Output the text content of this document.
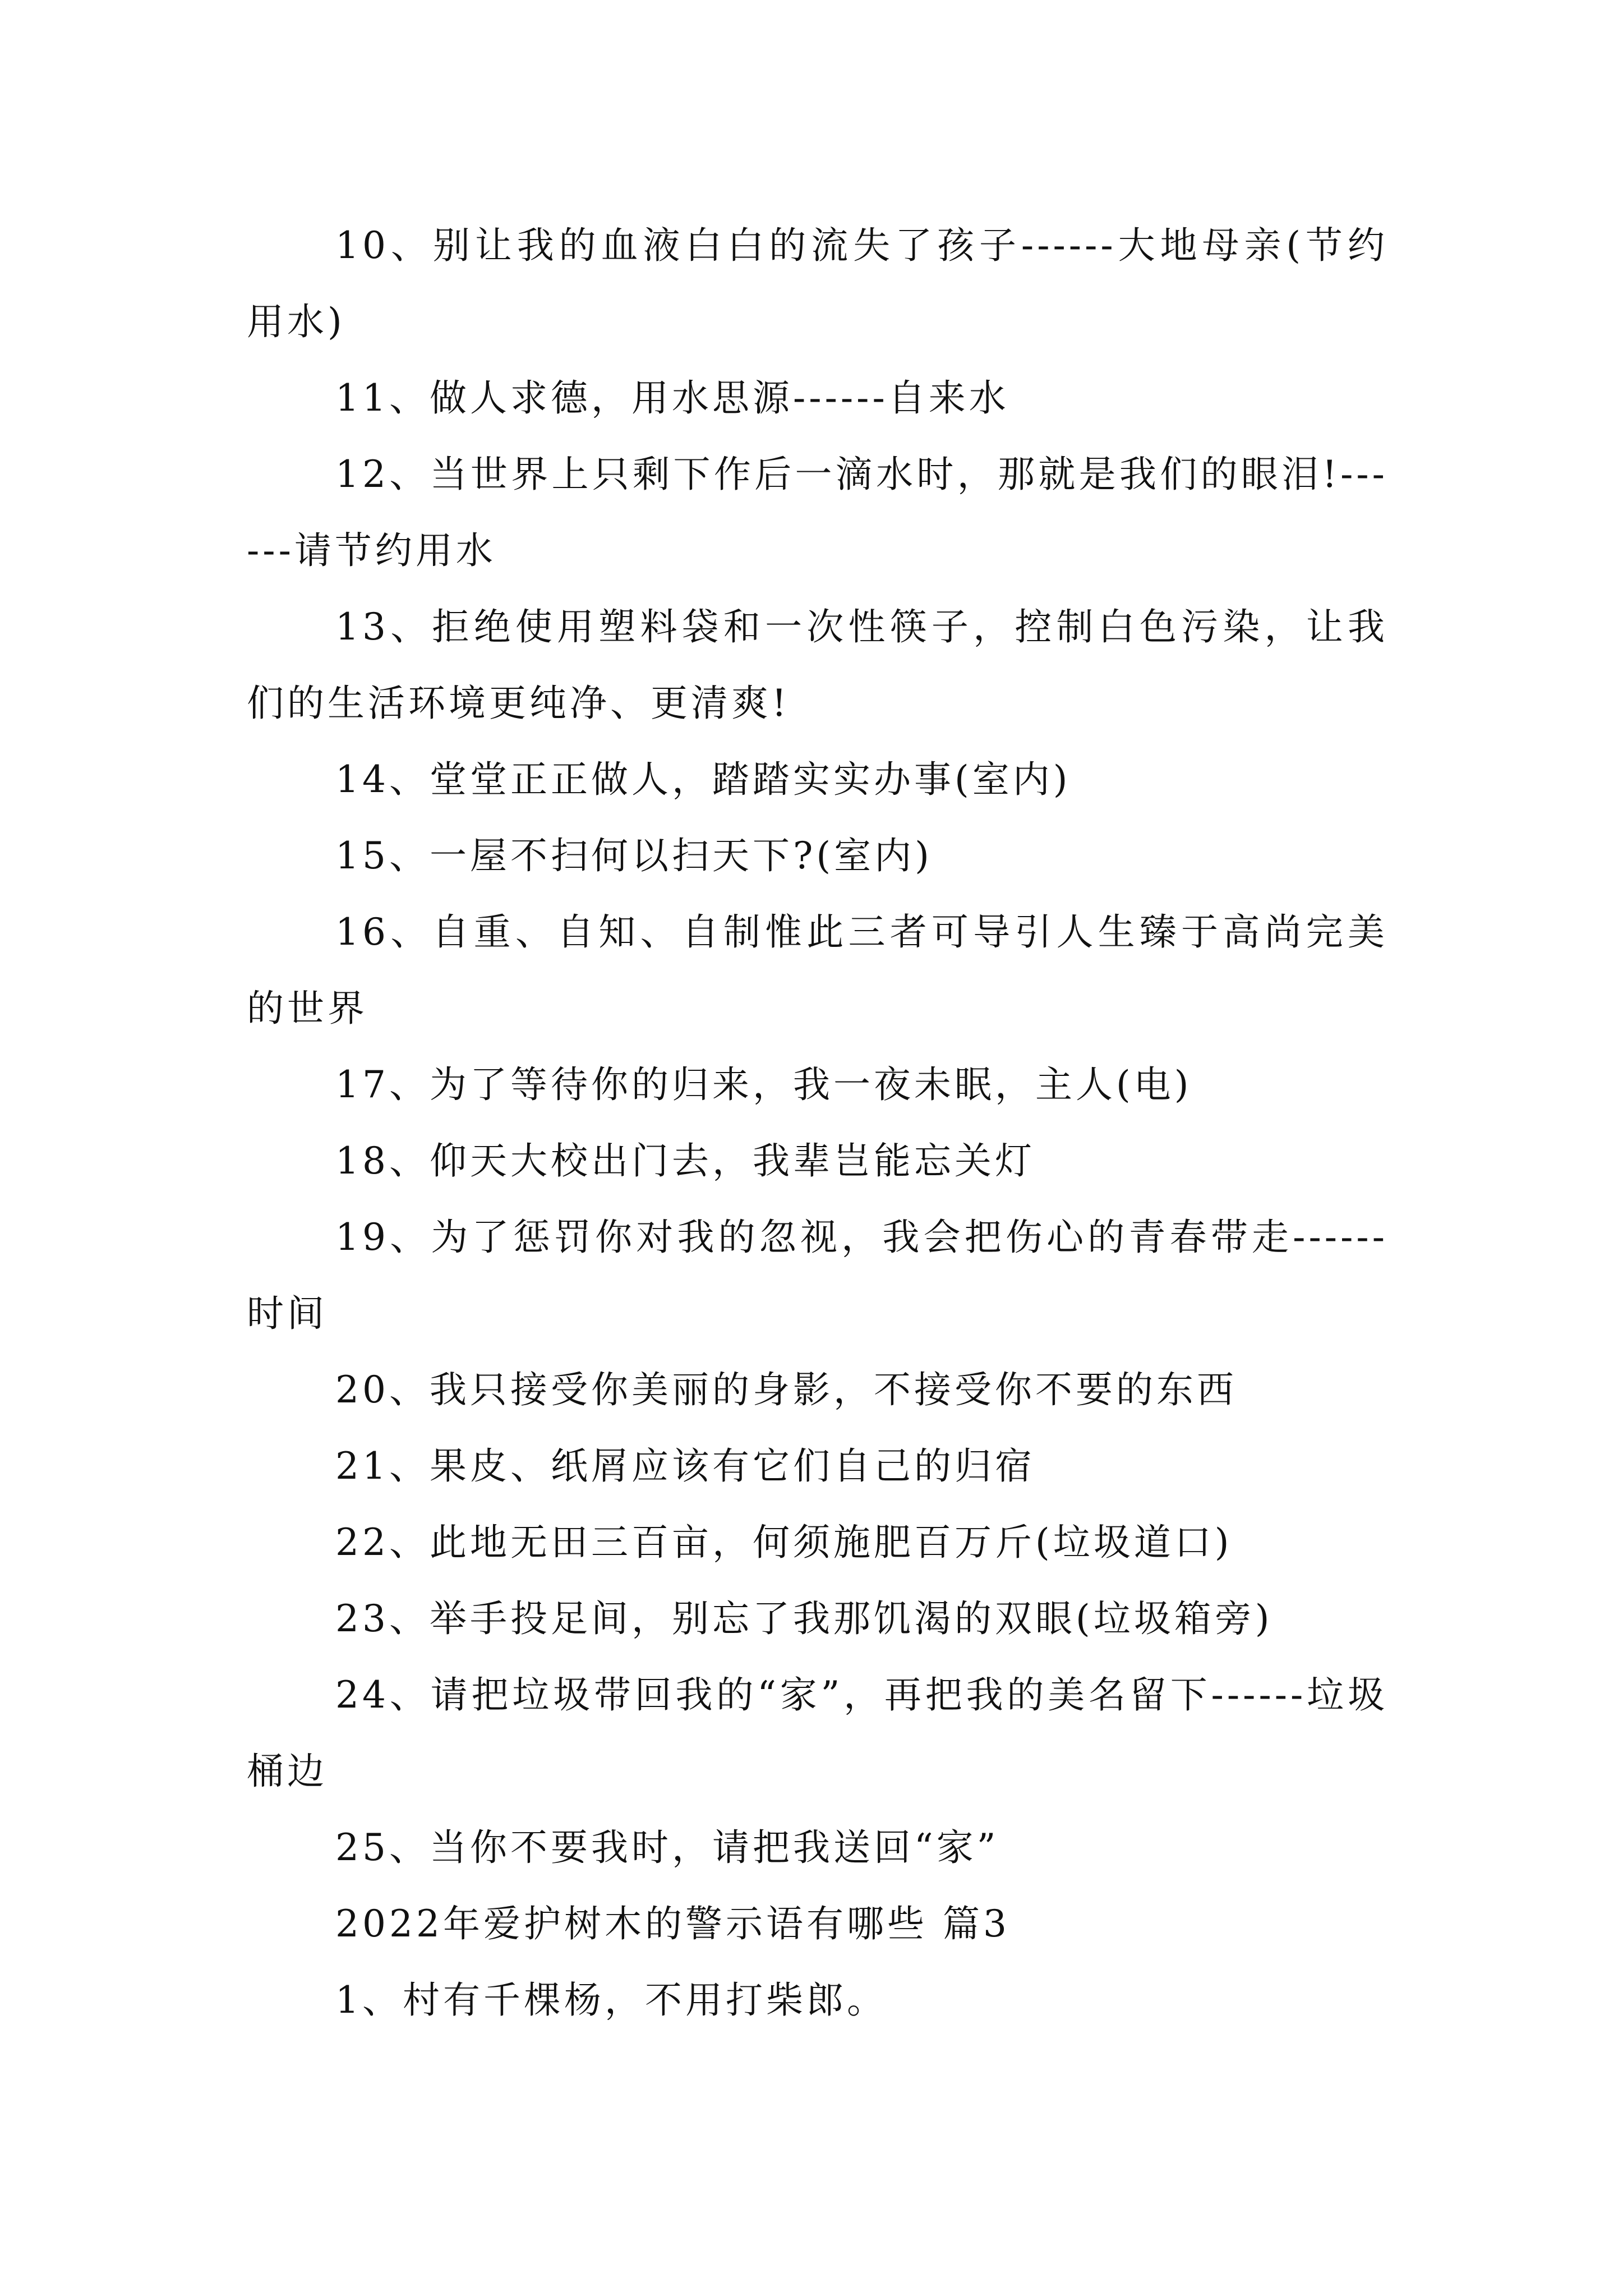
10、别让我的血液白白的流失了孩子------大地母亲(节约用水)

11、做人求德，用水思源------自来水

12、当世界上只剩下作后一滴水时，那就是我们的眼泪!------请节约用水

13、拒绝使用塑料袋和一次性筷子，控制白色污染，让我们的生活环境更纯净、更清爽!

14、堂堂正正做人，踏踏实实办事(室内)

15、一屋不扫何以扫天下?(室内)

16、自重、自知、自制惟此三者可导引人生臻于高尚完美的世界

17、为了等待你的归来，我一夜未眠，主人(电)

18、仰天大校出门去，我辈岂能忘关灯

19、为了惩罚你对我的忽视，我会把伤心的青春带走------时间

20、我只接受你美丽的身影，不接受你不要的东西

21、果皮、纸屑应该有它们自己的归宿

22、此地无田三百亩，何须施肥百万斤(垃圾道口)

23、举手投足间，别忘了我那饥渴的双眼(垃圾箱旁)

24、请把垃圾带回我的“家”，再把我的美名留下------垃圾桶边

25、当你不要我时，请把我送回“家”

2022年爱护树木的警示语有哪些 篇3

1、村有千棵杨，不用打柴郎。
